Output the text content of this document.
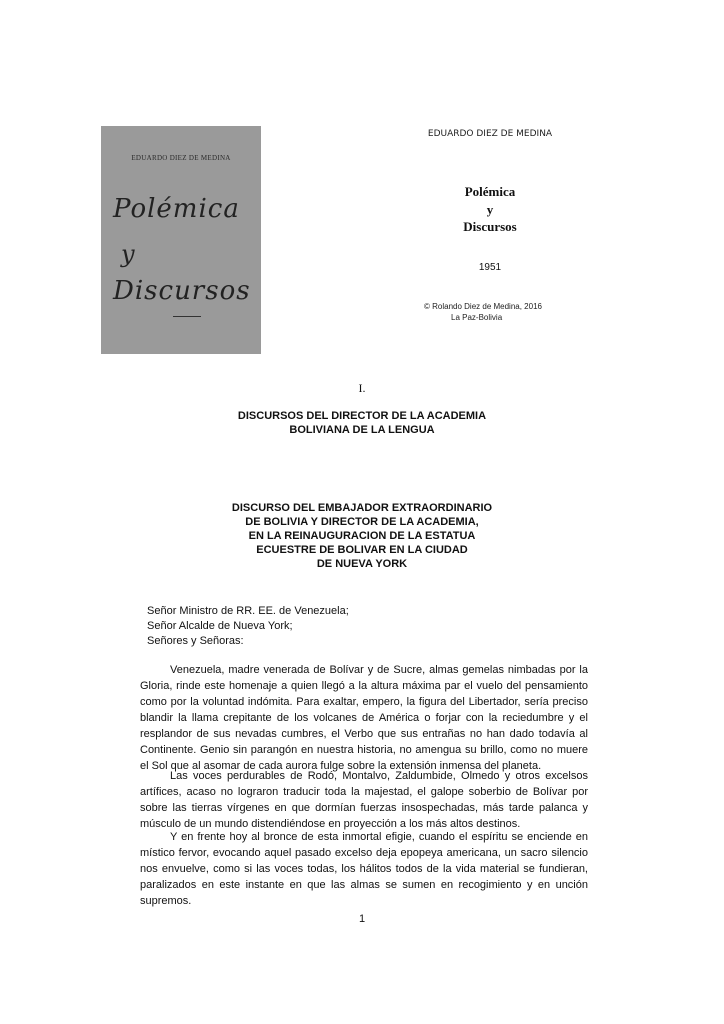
EDUARDO DIEZ DE MEDINA
Polémica
y
Discursos
EDUARDO DIEZ DE MEDINA
Polémica
y
Discursos
1951
© Rolando Diez de Medina, 2016
La Paz-Bolivia
I.
DISCURSOS DEL DIRECTOR DE LA ACADEMIA
BOLIVIANA DE LA LENGUA
DISCURSO DEL EMBAJADOR EXTRAORDINARIO
DE BOLIVIA Y DIRECTOR DE LA ACADEMIA,
EN LA REINAUGURACION DE LA ESTATUA
ECUESTRE DE BOLIVAR EN LA CIUDAD
DE NUEVA YORK
Señor Ministro de RR. EE. de Venezuela;
Señor Alcalde de Nueva York;
Señores y Señoras:

Venezuela, madre venerada de Bolívar y de Sucre, almas gemelas nimbadas por la Gloria, rinde este homenaje a quien llegó a la altura máxima par el vuelo del pensamiento como por la voluntad indómita. Para exaltar, empero, la figura del Libertador, sería preciso blandir la llama crepitante de los volcanes de América o forjar con la reciedumbre y el resplandor de sus nevadas cumbres, el Verbo que sus entrañas no han dado todavía al Continente. Genio sin parangón en nuestra historia, no amengua su brillo, como no muere el Sol que al asomar de cada aurora fulge sobre la extensión inmensa del planeta.

Las voces perdurables de Rodó, Montalvo, Zaldumbide, Olmedo y otros excelsos artífices, acaso no lograron traducir toda la majestad, el galope soberbio de Bolívar por sobre las tierras vírgenes en que dormían fuerzas insospechadas, más tarde palanca y músculo de un mundo distendiéndose en proyección a los más altos destinos.

Y en frente hoy al bronce de esta inmortal efigie, cuando el espíritu se enciende en místico fervor, evocando aquel pasado excelso deja epopeya americana, un sacro silencio nos envuelve, como si las voces todas, los hálitos todos de la vida material se fundieran, paralizados en este instante en que las almas se sumen en recogimiento y en unción supremos.

1
